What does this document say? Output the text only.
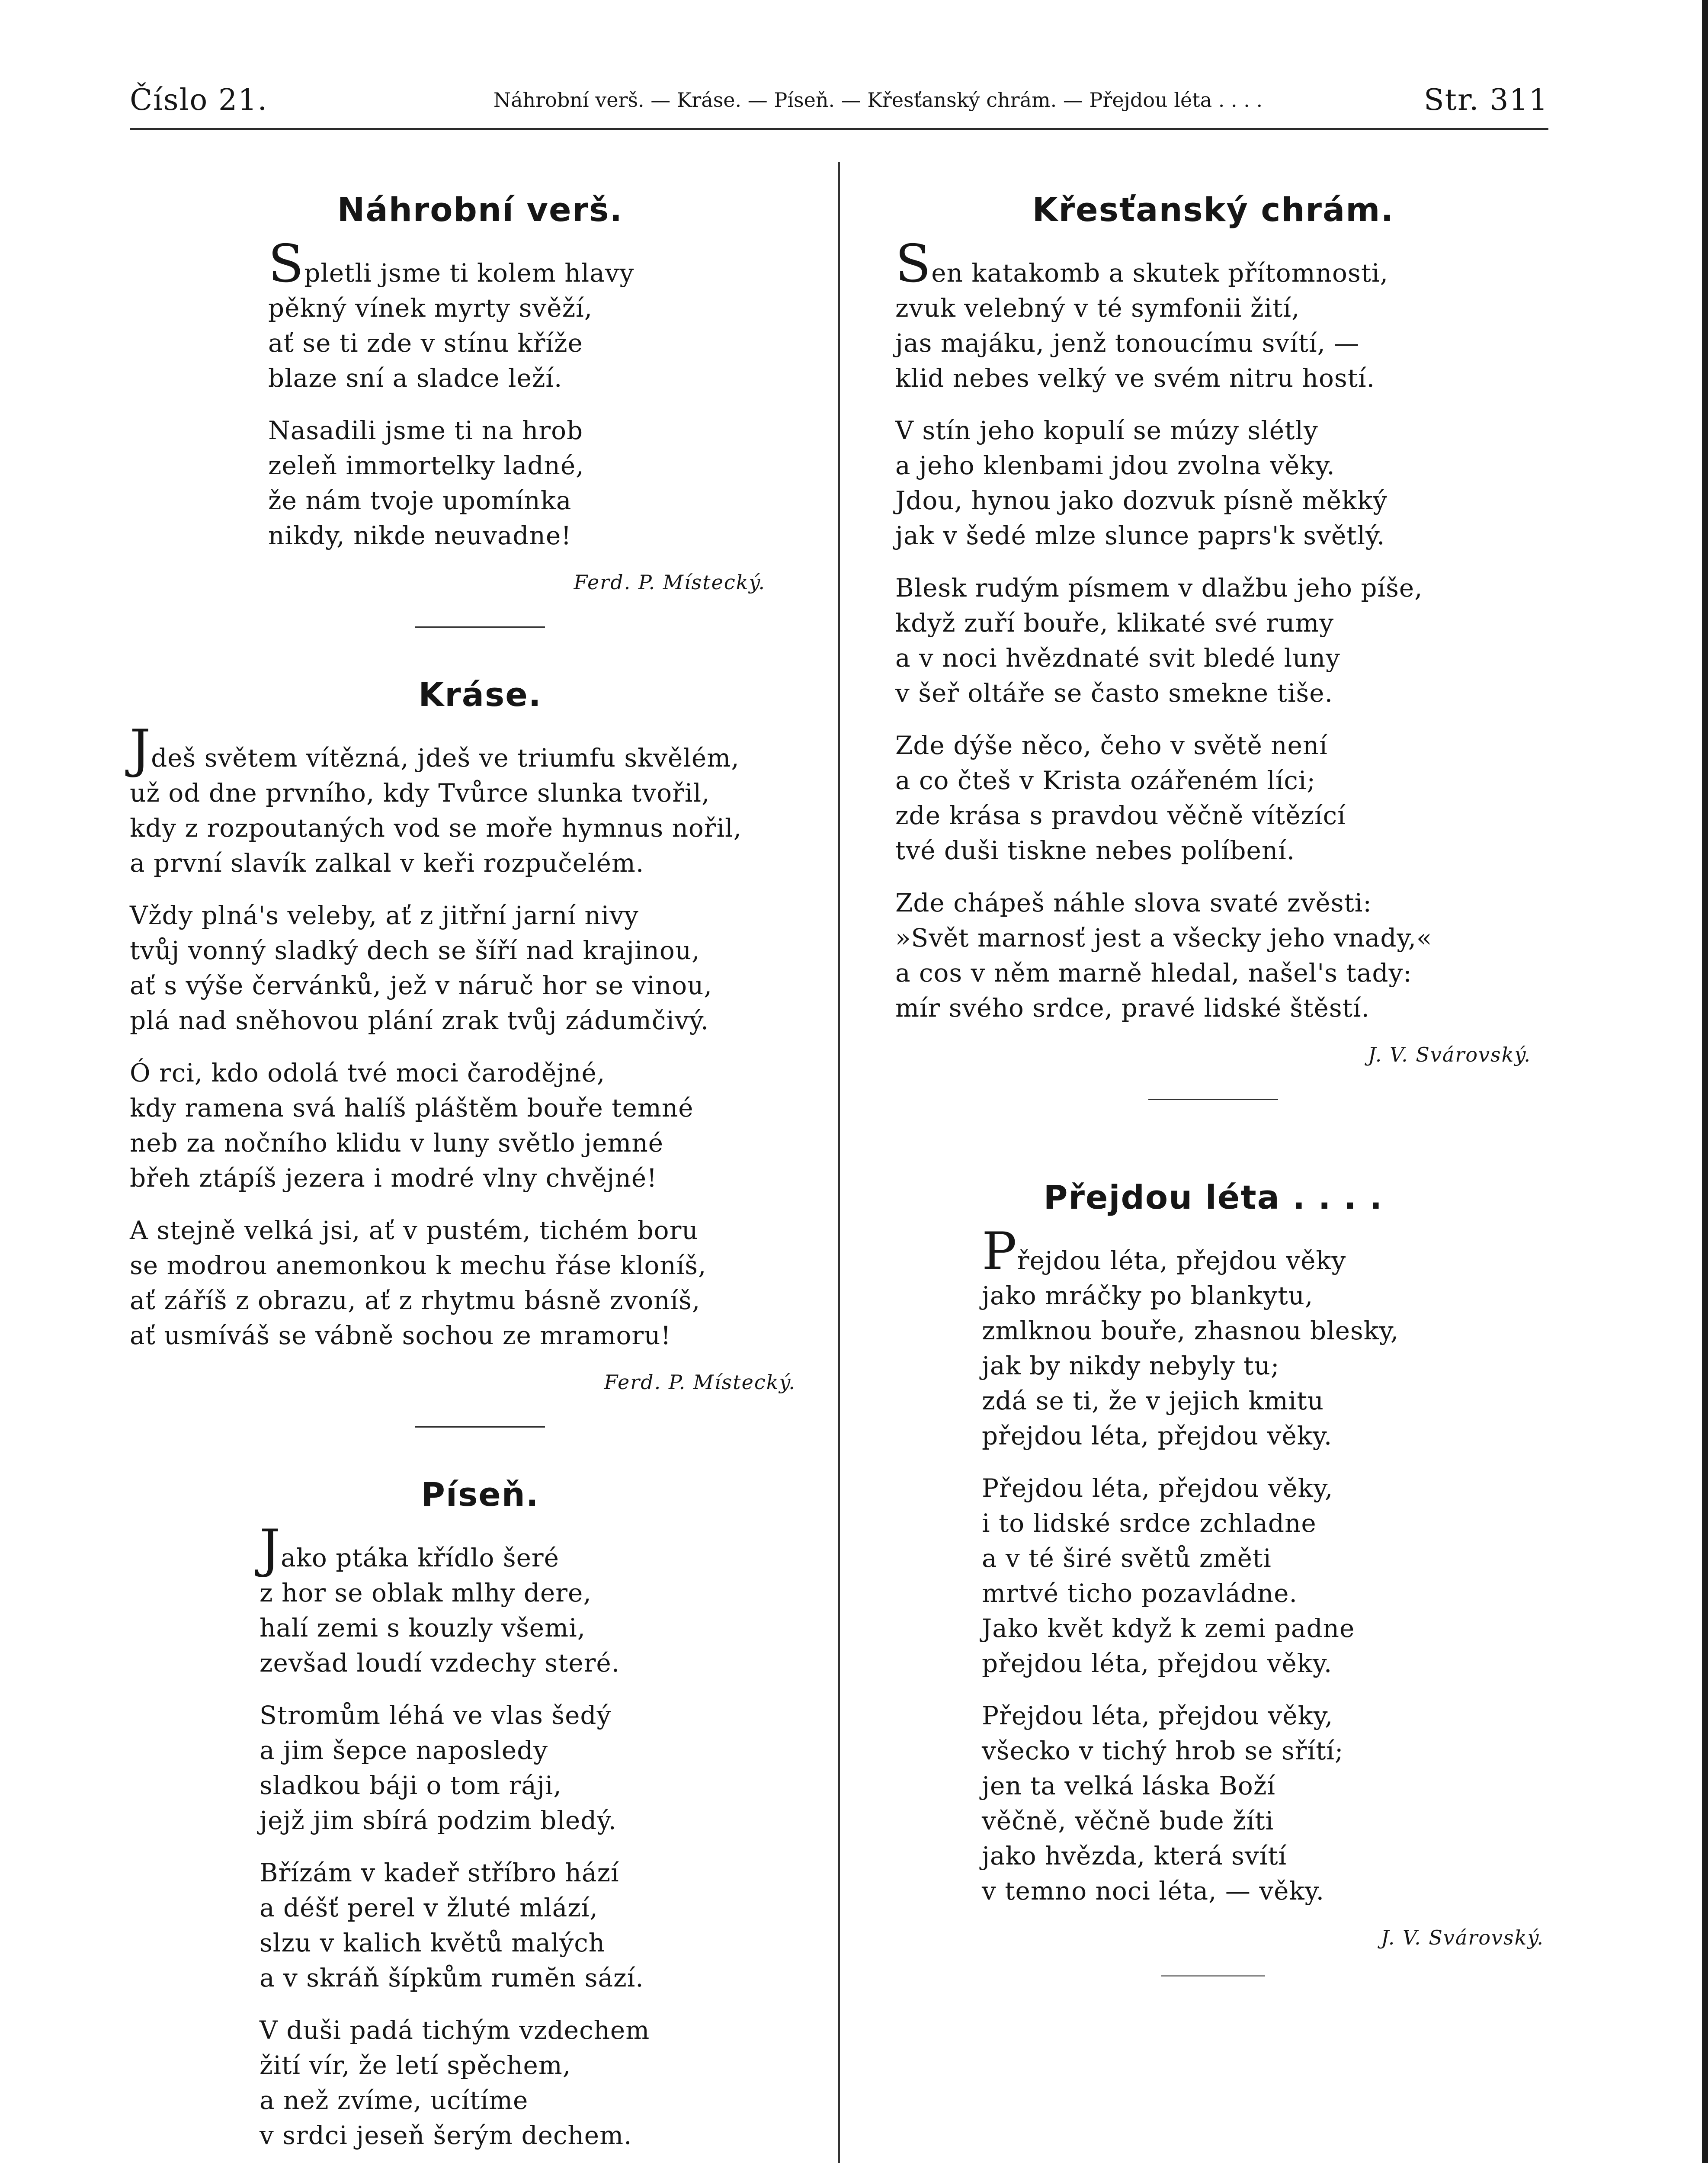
Číslo 21.	Náhrobní verš. — Kráse. — Píseň. — Křesťanský chrám. — Přejdou léta . . . .	Str. 311
Náhrobní verš.
Spletli jsme ti kolem hlavy
pěkný vínek myrty svěží,
ať se ti zde v stínu kříže
blaze sní a sladce leží.
Nasadili jsme ti na hrob
zeleň immortelky ladné,
že nám tvoje upomínka
nikdy, nikde neuvadne!
Ferd. P. Místecký.
Kráse.
Jdeš světem vítězná, jdeš ve triumfu skvělém,
už od dne prvního, kdy Tvůrce slunka tvořil,
kdy z rozpoutaných vod se moře hymnus nořil,
a první slavík zalkal v keři rozpučelém.
Vždy plná's veleby, ať z jitřní jarní nivy
tvůj vonný sladký dech se šíří nad krajinou,
ať s výše červánků, jež v náruč hor se vinou,
plá nad sněhovou plání zrak tvůj zádumčivý.
Ó rci, kdo odolá tvé moci čarodějné,
kdy ramena svá halíš pláštěm bouře temné
neb za nočního klidu v luny světlo jemné
břeh ztápíš jezera i modré vlny chvějné!
A stejně velká jsi, ať v pustém, tichém boru
se modrou anemonkou k mechu řáse kloníš,
ať záříš z obrazu, ať z rhytmu básně zvoníš,
ať usmíváš se vábně sochou ze mramoru!
Ferd. P. Místecký.
Píseň.
Jako ptáka křídlo šeré
z hor se oblak mlhy dere,
halí zemi s kouzly všemi,
zevšad loudí vzdechy steré.
Stromům léhá ve vlas šedý
a jim šepce naposledy
sladkou báji o tom ráji,
jejž jim sbírá podzim bledý.
Břízám v kadeř stříbro hází
a déšť perel v žluté mlází,
slzu v kalich květů malých
a v skráň šípkům rumĕn sází.
V duši padá tichým vzdechem
žití vír, že letí spěchem,
a než zvíme, ucítíme
v srdci jeseň šerým dechem.
Křesťanský chrám.
Sen katakomb a skutek přítomnosti,
zvuk velebný v té symfonii žití,
jas majáku, jenž tonoucímu svítí, —
klid nebes velký ve svém nitru hostí.
V stín jeho kopulí se múzy slétly
a jeho klenbami jdou zvolna věky.
Jdou, hynou jako dozvuk písně měkký
jak v šedé mlze slunce paprs'k světlý.
Blesk rudým písmem v dlažbu jeho píše,
když zuří bouře, klikaté své rumy
a v noci hvězdnaté svit bledé luny
v šeř oltáře se často smekne tiše.
Zde dýše něco, čeho v světě není
a co čteš v Krista ozářeném líci;
zde krása s pravdou věčně vítězící
tvé duši tiskne nebes políbení.
Zde chápeš náhle slova svaté zvěsti:
»Svět marnosť jest a všecky jeho vnady,«
a cos v něm marně hledal, našel's tady:
mír svého srdce, pravé lidské štěstí.
J. V. Svárovský.
Přejdou léta . . . .
Přejdou léta, přejdou věky
jako mráčky po blankytu,
zmlknou bouře, zhasnou blesky,
jak by nikdy nebyly tu;
zdá se ti, že v jejich kmitu
přejdou léta, přejdou věky.
Přejdou léta, přejdou věky,
i to lidské srdce zchladne
a v té širé světů změti
mrtvé ticho pozavládne.
Jako květ když k zemi padne
přejdou léta, přejdou věky.
Přejdou léta, přejdou věky,
všecko v tichý hrob se sřítí;
jen ta velká láska Boží
věčně, věčně bude žíti
jako hvězda, která svítí
v temno noci léta, — věky.
J. V. Svárovský.
